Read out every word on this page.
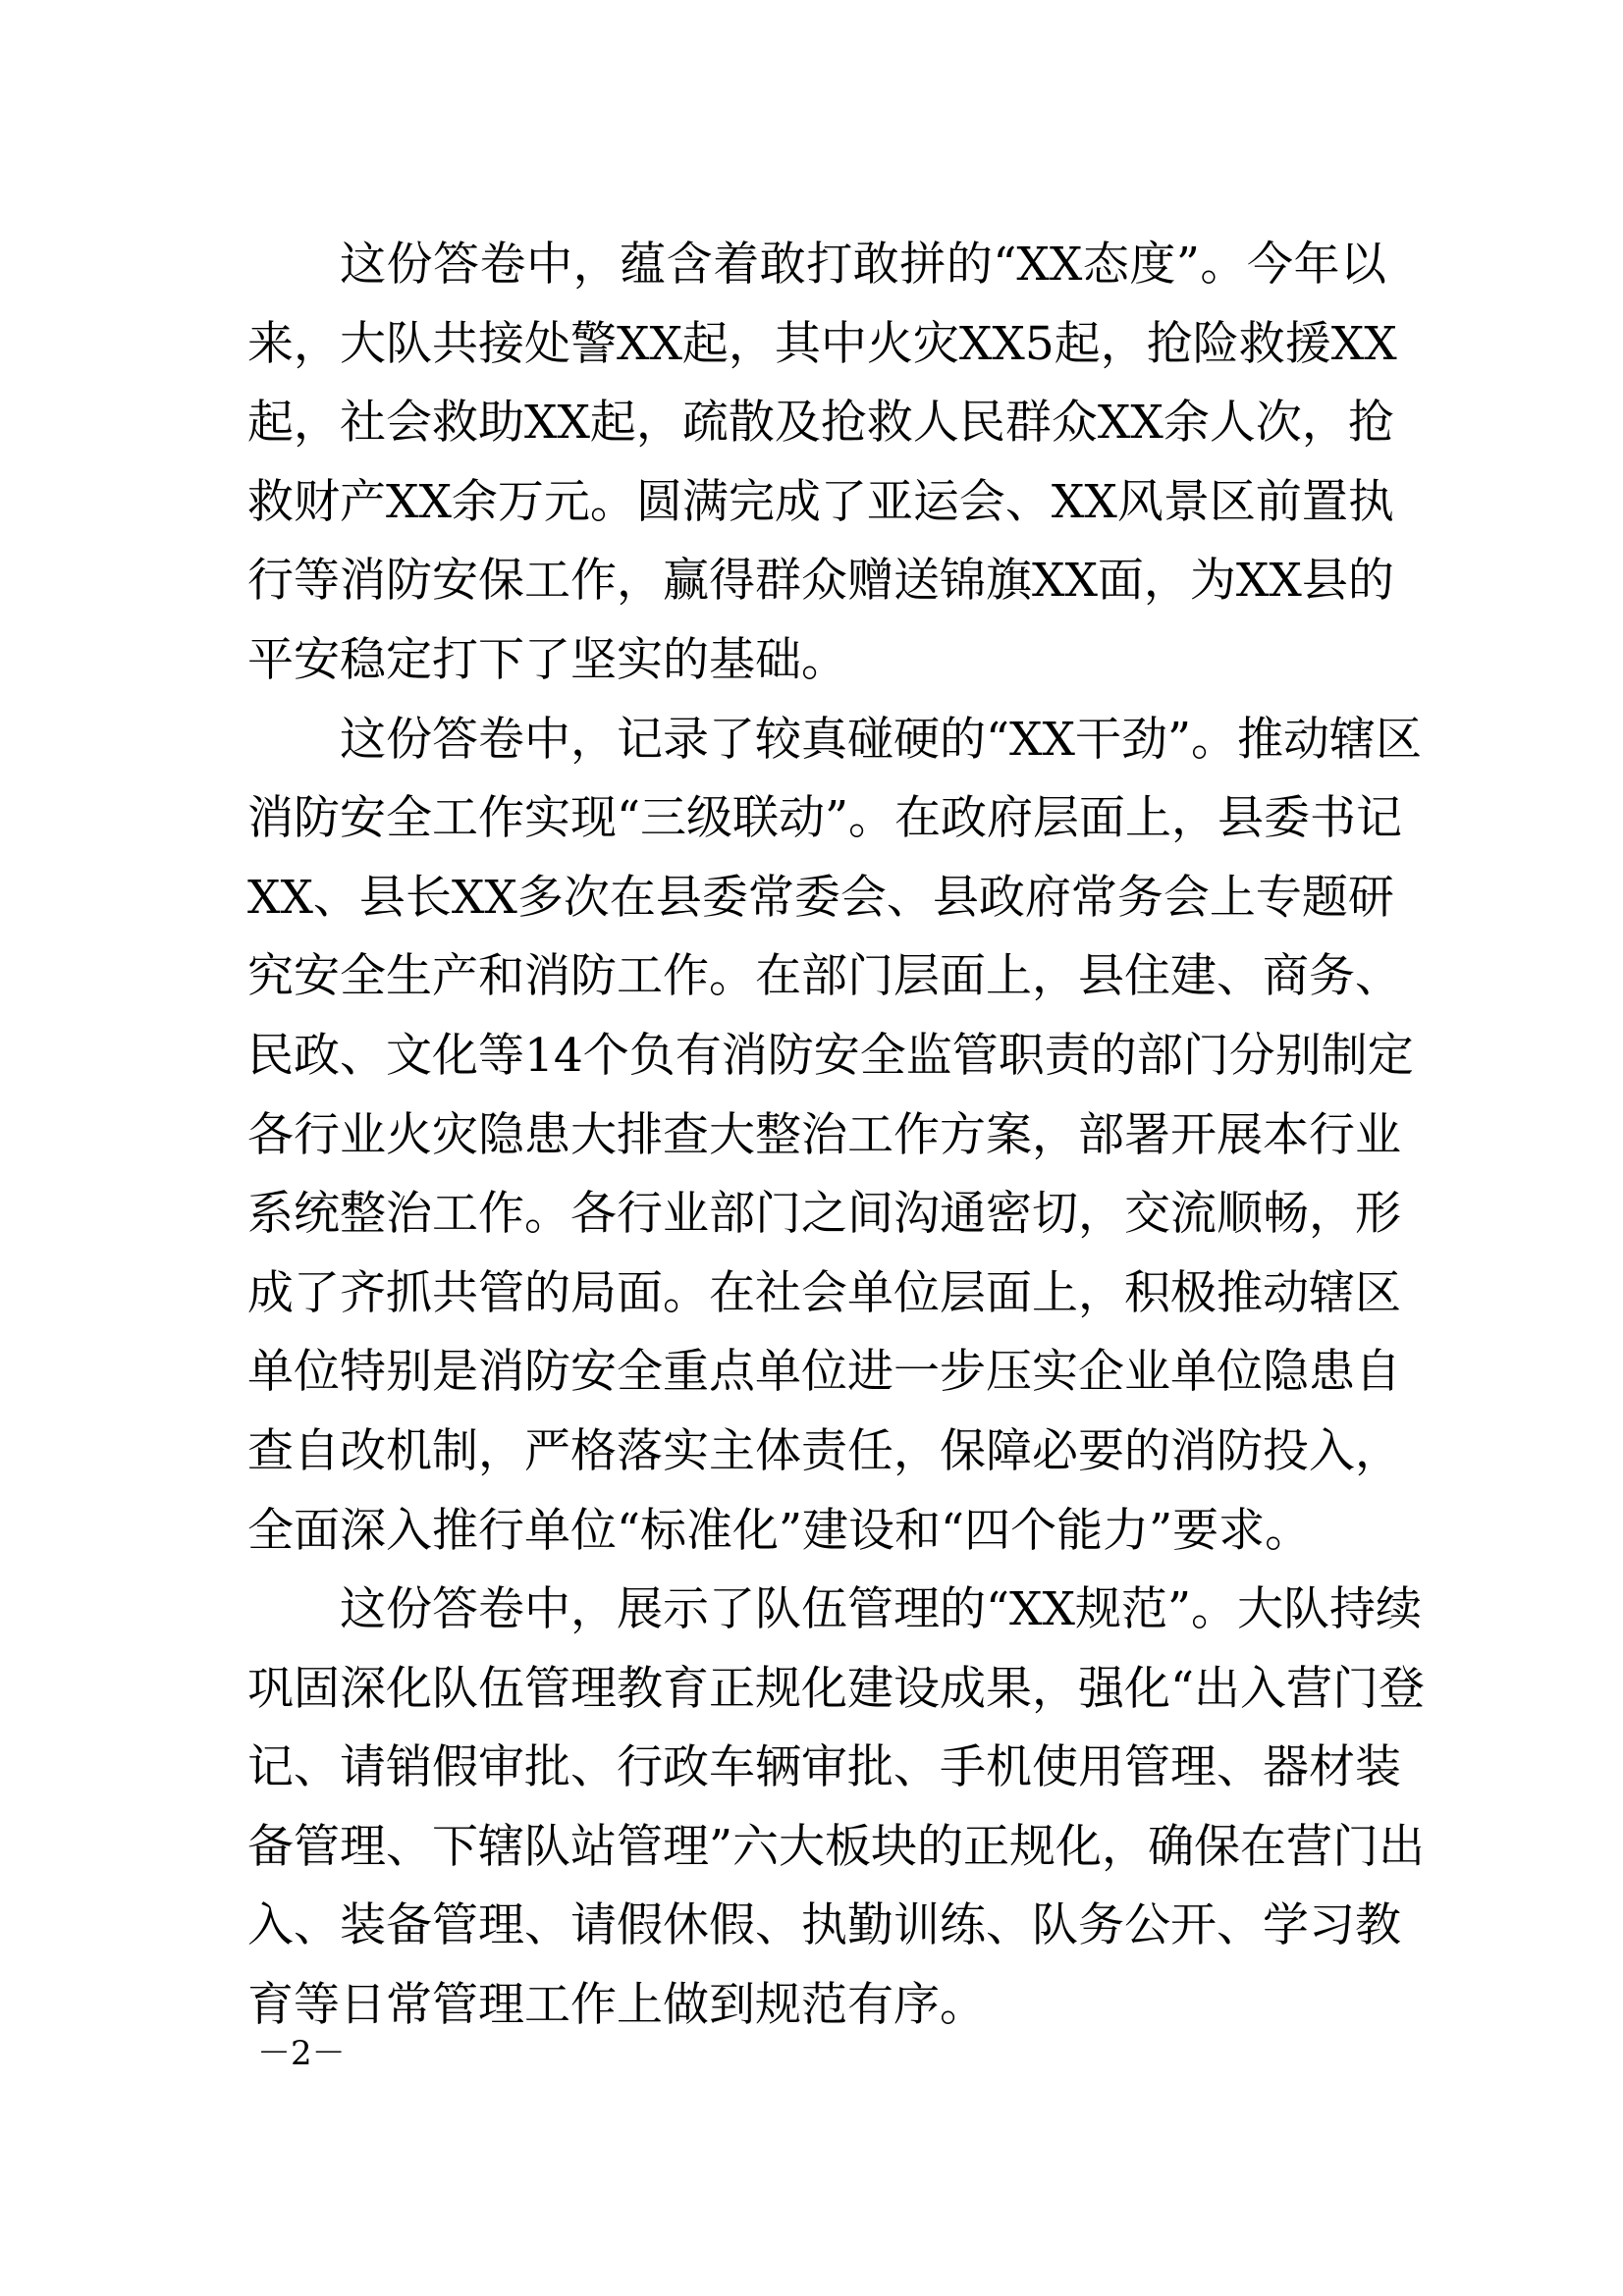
这份答卷中，蕴含着敢打敢拼的“XX态度”。今年以
来，大队共接处警XX起，其中火灾XX5起，抢险救援XX
起，社会救助XX起，疏散及抢救人民群众XX余人次，抢
救财产XX余万元。圆满完成了亚运会、XX风景区前置执
行等消防安保工作，赢得群众赠送锦旗XX面，为XX县的
平安稳定打下了坚实的基础。
这份答卷中，记录了较真碰硬的“XX干劲”。推动辖区
消防安全工作实现“三级联动”。在政府层面上，县委书记
XX、县长XX多次在县委常委会、县政府常务会上专题研
究安全生产和消防工作。在部门层面上，县住建、商务、
民政、文化等14个负有消防安全监管职责的部门分别制定
各行业火灾隐患大排查大整治工作方案，部署开展本行业
系统整治工作。各行业部门之间沟通密切，交流顺畅，形
成了齐抓共管的局面。在社会单位层面上，积极推动辖区
单位特别是消防安全重点单位进一步压实企业单位隐患自
查自改机制，严格落实主体责任，保障必要的消防投入，
全面深入推行单位“标准化”建设和“四个能力”要求。
这份答卷中，展示了队伍管理的“XX规范”。大队持续
巩固深化队伍管理教育正规化建设成果，强化“出入营门登
记、请销假审批、行政车辆审批、手机使用管理、器材装
备管理、下辖队站管理”六大板块的正规化，确保在营门出
入、装备管理、请假休假、执勤训练、队务公开、学习教
育等日常管理工作上做到规范有序。
－2－
